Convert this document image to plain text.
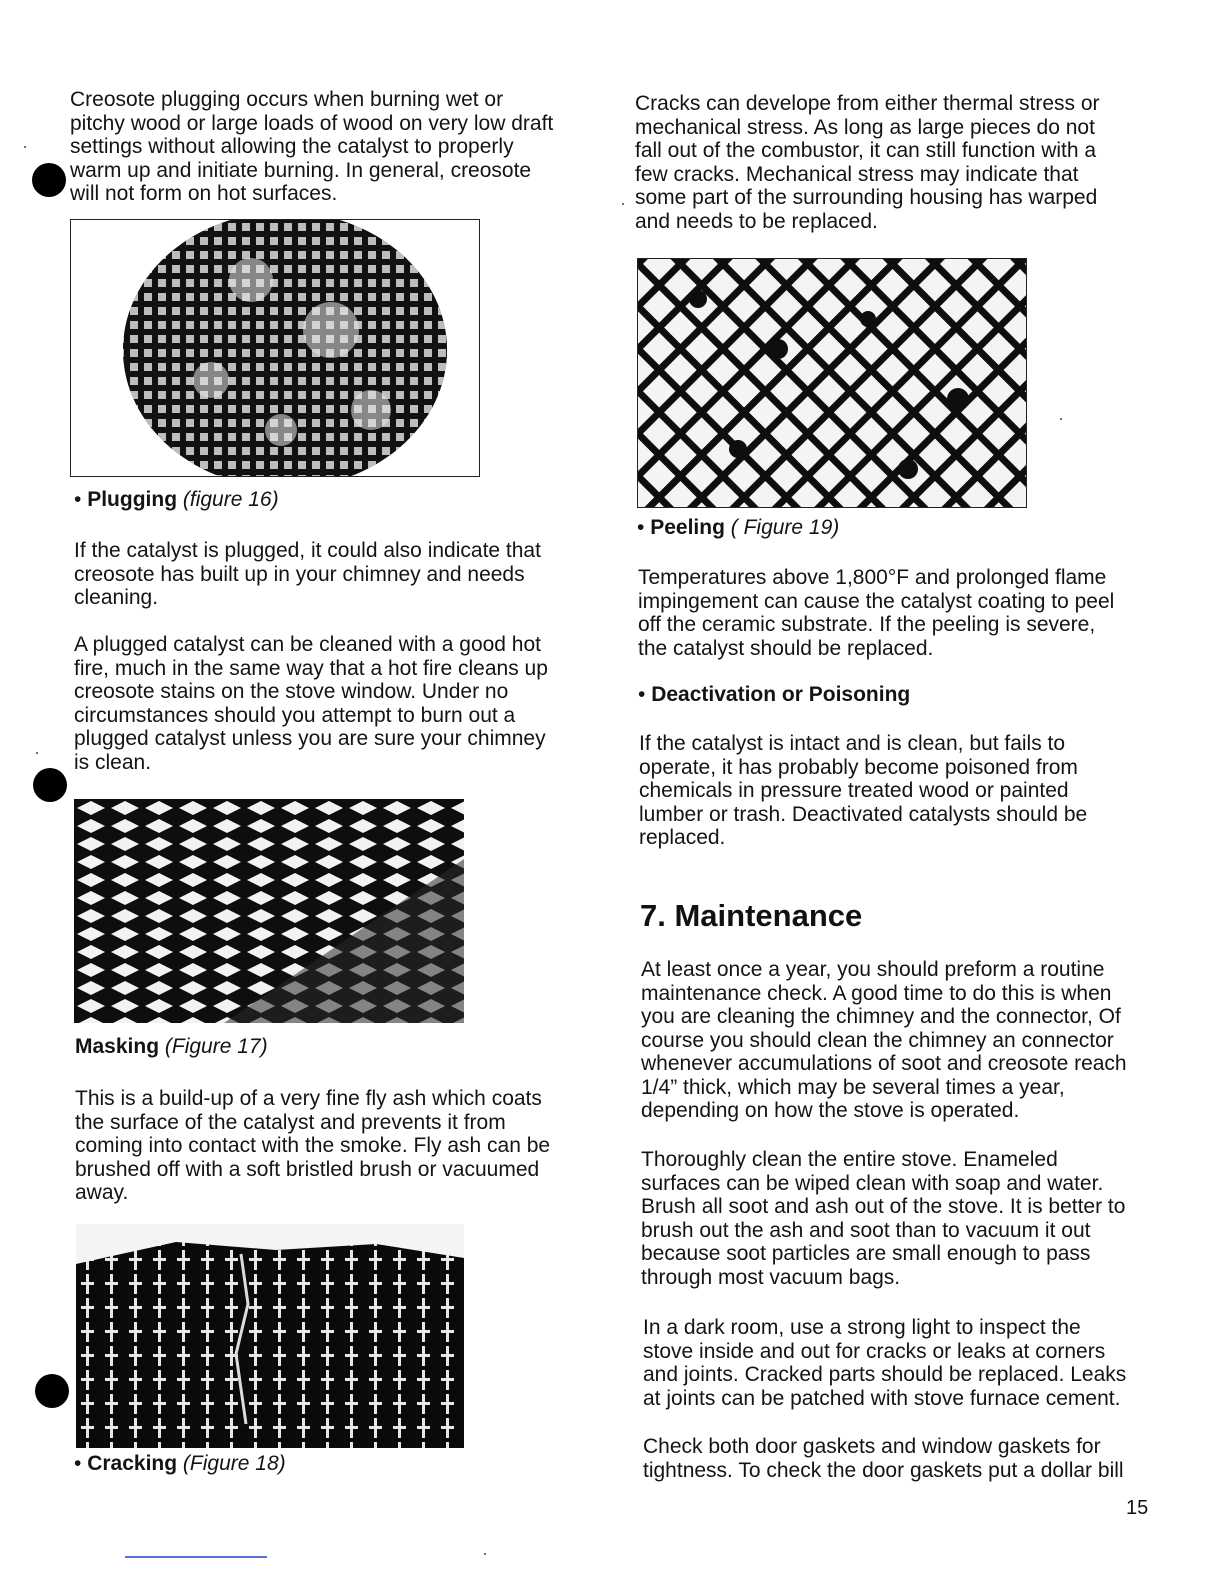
Creosote plugging occurs when burning wet or
pitchy wood or large loads of wood on very low draft
settings without allowing the catalyst to properly
warm up and initiate burning. In general, creosote
will not form on hot surfaces.

• Plugging (figure 16)

If the catalyst is plugged, it could also indicate that
creosote has built up in your chimney and needs
cleaning.

A plugged catalyst can be cleaned with a good hot
fire, much in the same way that a hot fire cleans up
creosote stains on the stove window. Under no
circumstances should you attempt to burn out a
plugged catalyst unless you are sure your chimney
is clean.

Masking (Figure 17)

This is a build-up of a very fine fly ash which coats
the surface of the catalyst and prevents it from
coming into contact with the smoke. Fly ash can be
brushed off with a soft bristled brush or vacuumed
away.

• Cracking (Figure 18)

Cracks can develope from either thermal stress or
mechanical stress. As long as large pieces do not
fall out of the combustor, it can still function with a
few cracks. Mechanical stress may indicate that
some part of the surrounding housing has warped
and needs to be replaced.

• Peeling ( Figure 19)

Temperatures above 1,800°F and prolonged flame
impingement can cause the catalyst coating to peel
off the ceramic substrate. If the peeling is severe,
the catalyst should be replaced.

• Deactivation or Poisoning

If the catalyst is intact and is clean, but fails to
operate, it has probably become poisoned from
chemicals in pressure treated wood or painted
lumber or trash. Deactivated catalysts should be
replaced.

7. Maintenance

At least once a year, you should preform a routine
maintenance check. A good time to do this is when
you are cleaning the chimney and the connector, Of
course you should clean the chimney an connector
whenever accumulations of soot and creosote reach
1/4” thick, which may be several times a year,
depending on how the stove is operated.

Thoroughly clean the entire stove. Enameled
surfaces can be wiped clean with soap and water.
Brush all soot and ash out of the stove. It is better to
brush out the ash and soot than to vacuum it out
because soot particles are small enough to pass
through most vacuum bags.

In a dark room, use a strong light to inspect the
stove inside and out for cracks or leaks at corners
and joints. Cracked parts should be replaced. Leaks
at joints can be patched with stove furnace cement.

Check both door gaskets and window gaskets for
tightness. To check the door gaskets put a dollar bill

15
